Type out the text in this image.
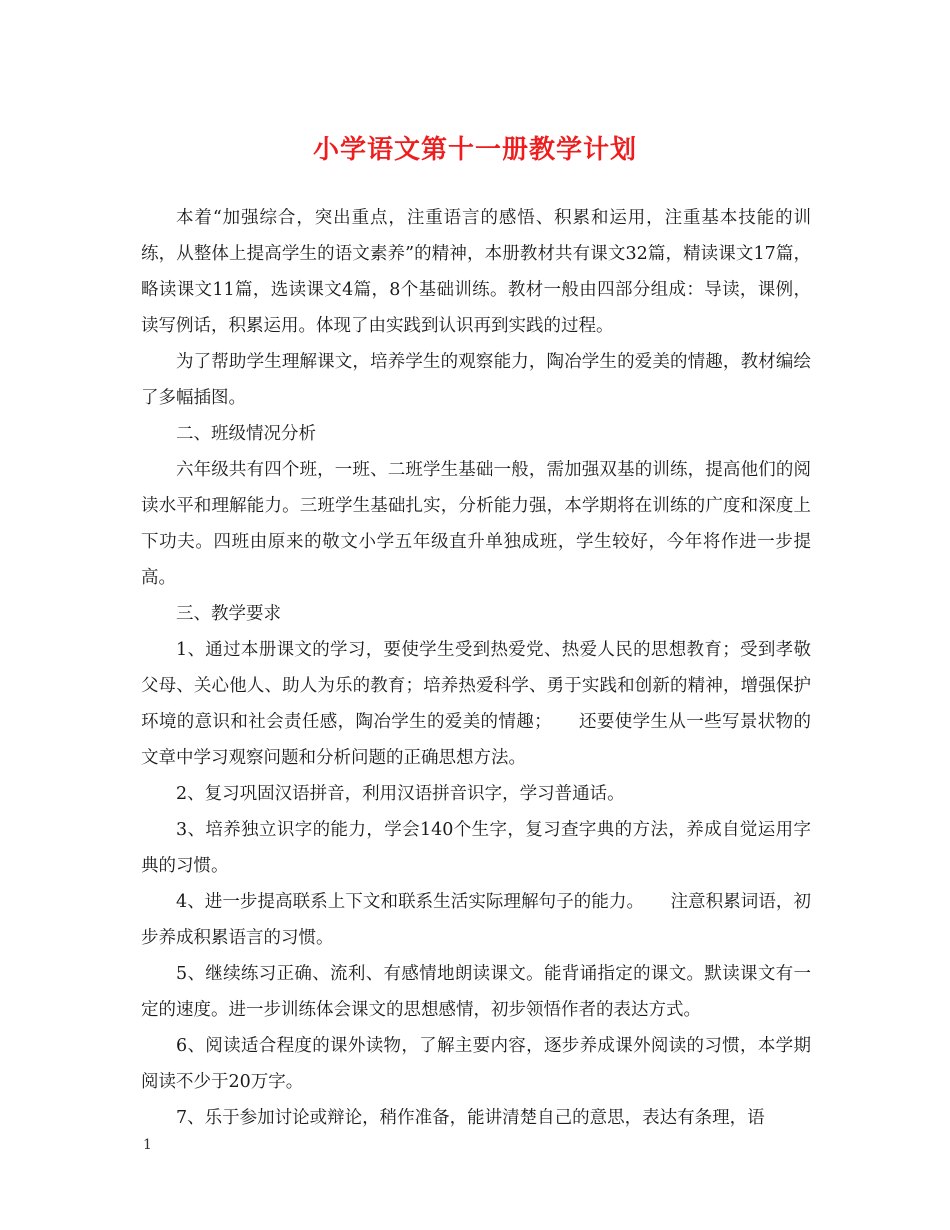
小学语文第十一册教学计划

本着“加强综合，突出重点，注重语言的感悟、积累和运用，注重基本技能的训练，从整体上提高学生的语文素养”的精神，本册教材共有课文32篇，精读课文17篇，略读课文11篇，选读课文4篇，8个基础训练。教材一般由四部分组成：导读，课例，读写例话，积累运用。体现了由实践到认识再到实践的过程。

为了帮助学生理解课文，培养学生的观察能力，陶冶学生的爱美的情趣，教材编绘了多幅插图。

二、班级情况分析

六年级共有四个班，一班、二班学生基础一般，需加强双基的训练，提高他们的阅读水平和理解能力。三班学生基础扎实，分析能力强，本学期将在训练的广度和深度上下功夫。四班由原来的敬文小学五年级直升单独成班，学生较好，今年将作进一步提高。

三、教学要求

1、通过本册课文的学习，要使学生受到热爱党、热爱人民的思想教育；受到孝敬父母、关心他人、助人为乐的教育；培养热爱科学、勇于实践和创新的精神，增强保护环境的意识和社会责任感，陶冶学生的爱美的情趣；　　还要使学生从一些写景状物的文章中学习观察问题和分析问题的正确思想方法。

2、复习巩固汉语拼音，利用汉语拼音识字，学习普通话。

3、培养独立识字的能力，学会140个生字，复习查字典的方法，养成自觉运用字典的习惯。

4、进一步提高联系上下文和联系生活实际理解句子的能力。　　注意积累词语，初步养成积累语言的习惯。

5、继续练习正确、流利、有感情地朗读课文。能背诵指定的课文。默读课文有一定的速度。进一步训练体会课文的思想感情，初步领悟作者的表达方式。

6、阅读适合程度的课外读物，了解主要内容，逐步养成课外阅读的习惯，本学期阅读不少于20万字。

7、乐于参加讨论或辩论，稍作准备，能讲清楚自己的意思，表达有条理，语

1
